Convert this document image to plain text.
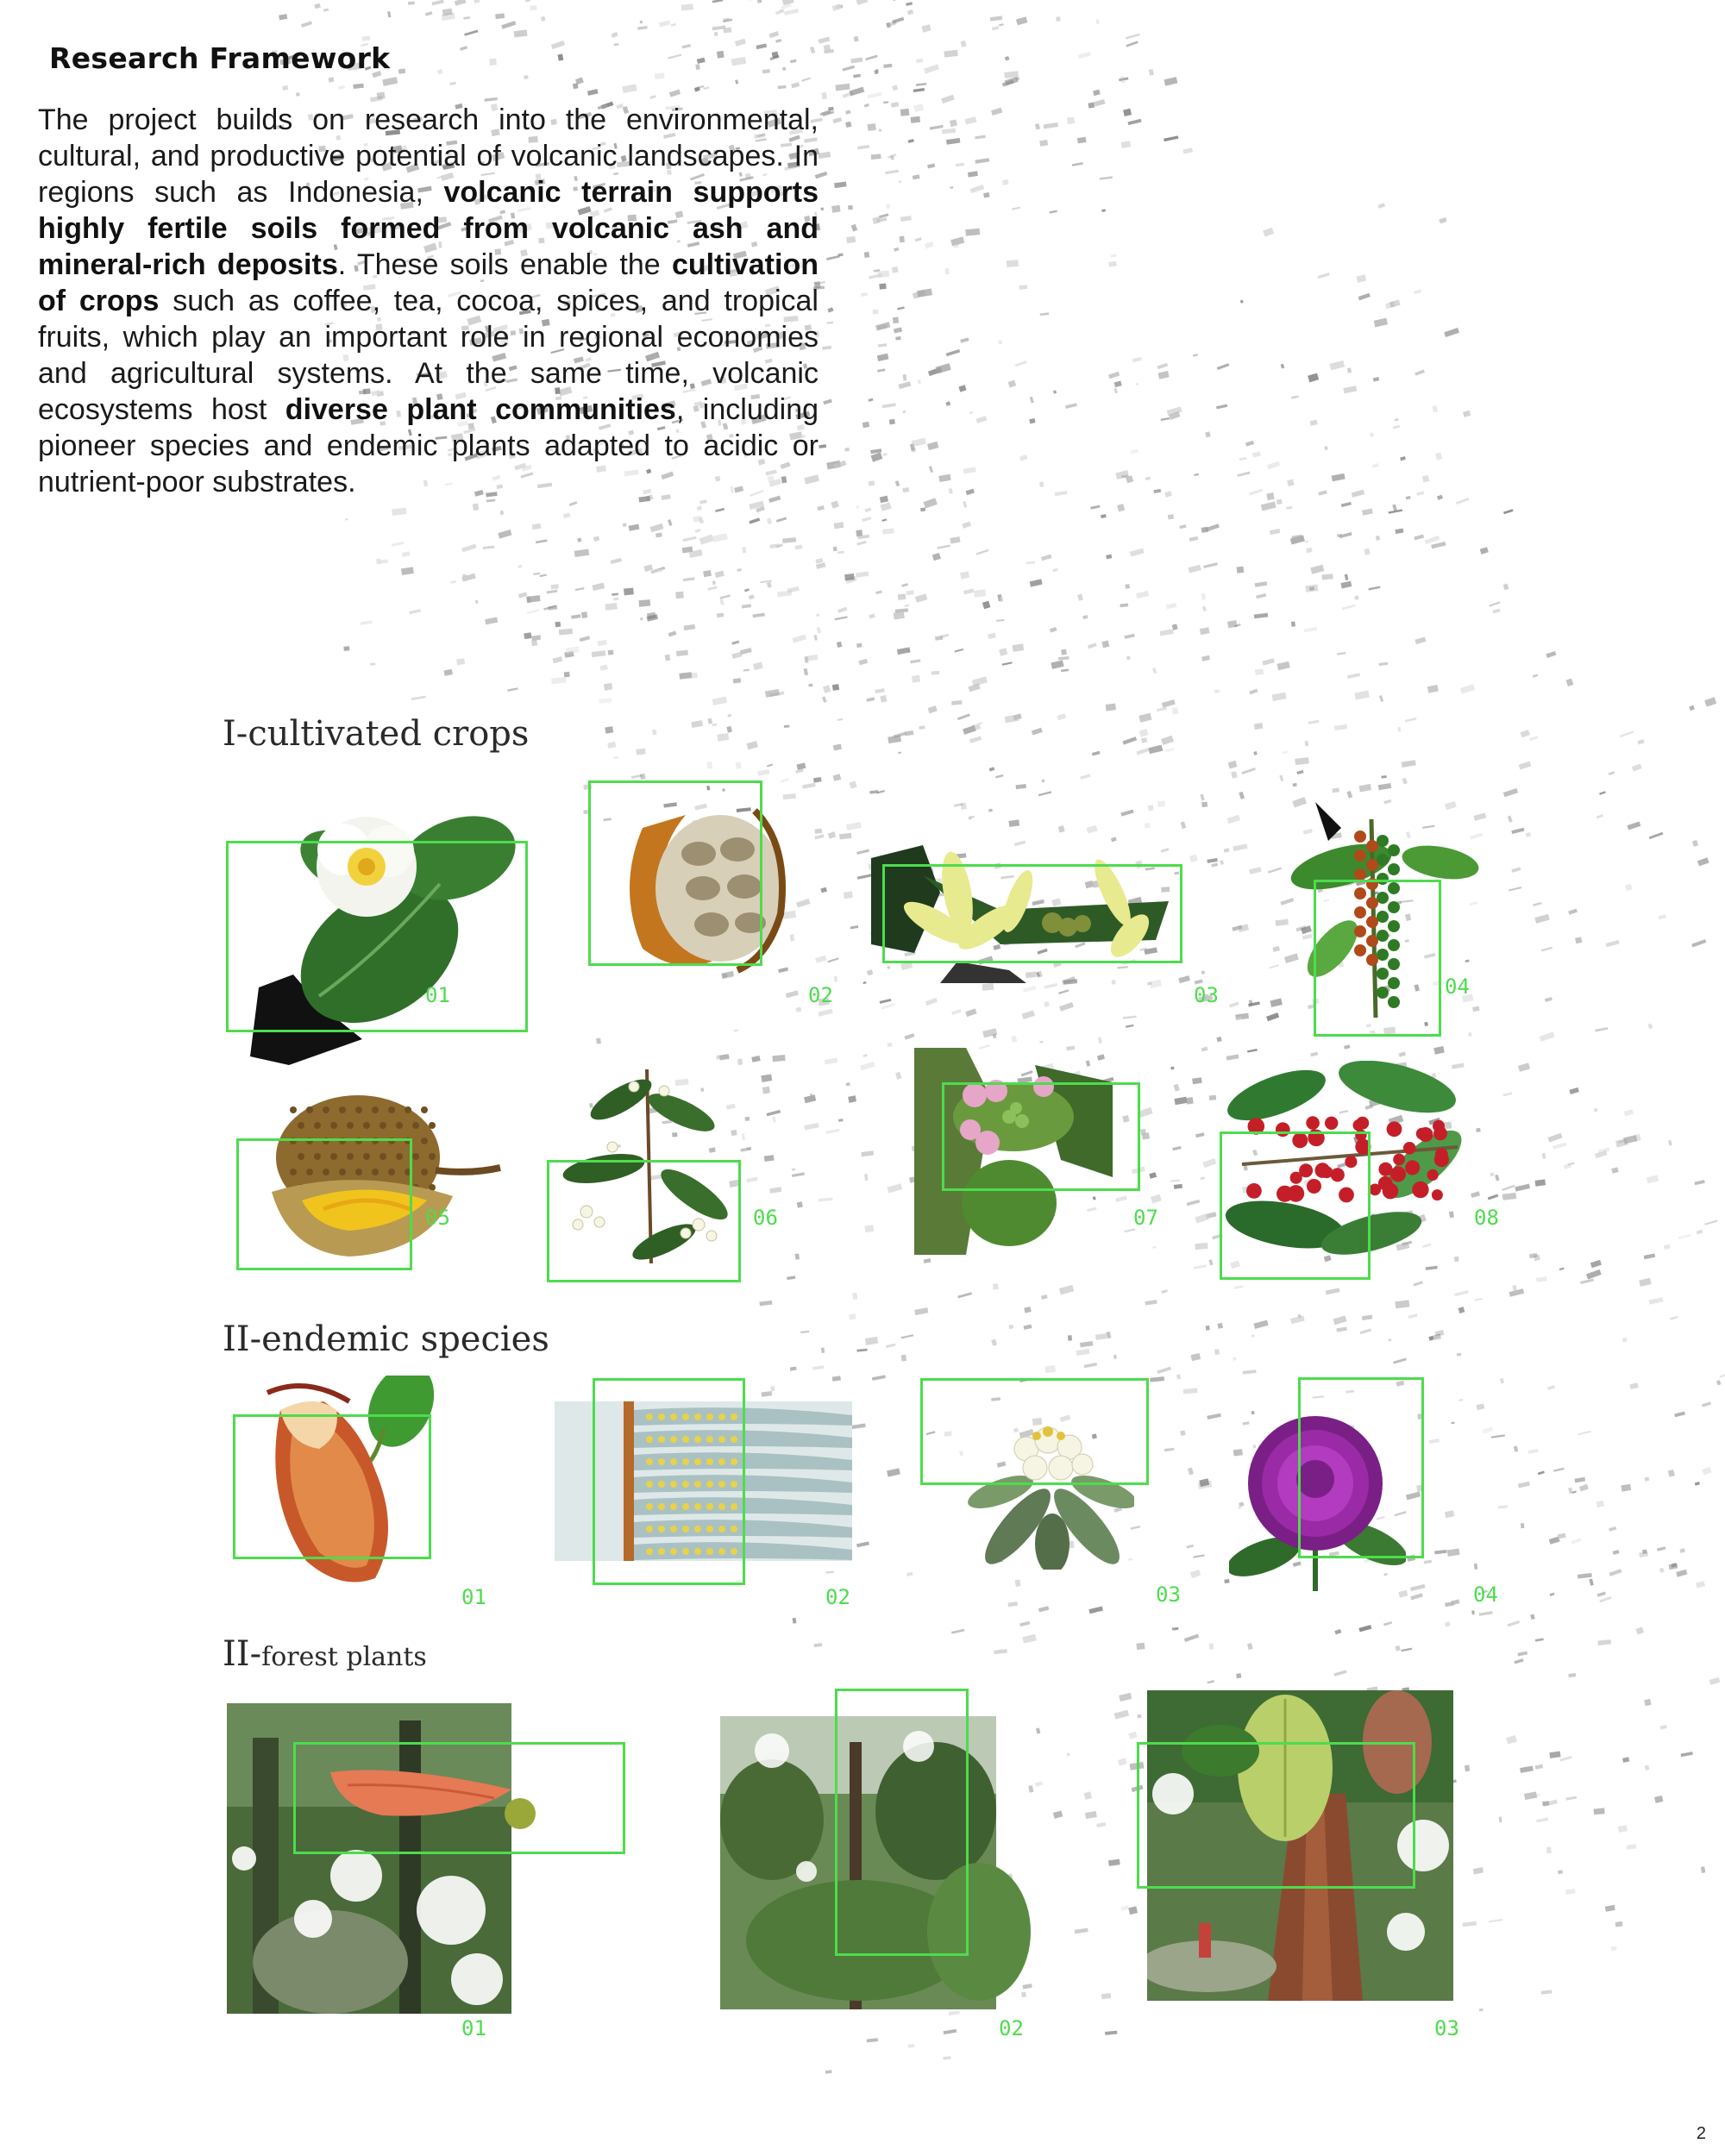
Research Framework

The project builds on research into the environmental, cultural, and productive potential of volcanic landscapes. In regions such as Indonesia, volcanic terrain supports highly fertile soils formed from volcanic ash and mineral-rich deposits. These soils enable the cultivation of crops such as coffee, tea, cocoa, spices, and tropical fruits, which play an important role in regional economies and agricultural systems. At the same time, volcanic ecosystems host diverse plant communities, including pioneer species and endemic plants adapted to acidic or nutrient-poor substrates.

I-cultivated crops
01	02	03	04
05	06	07	08
II-endemic species
01	02	03	04
II-forest plants
01	02	03
2
